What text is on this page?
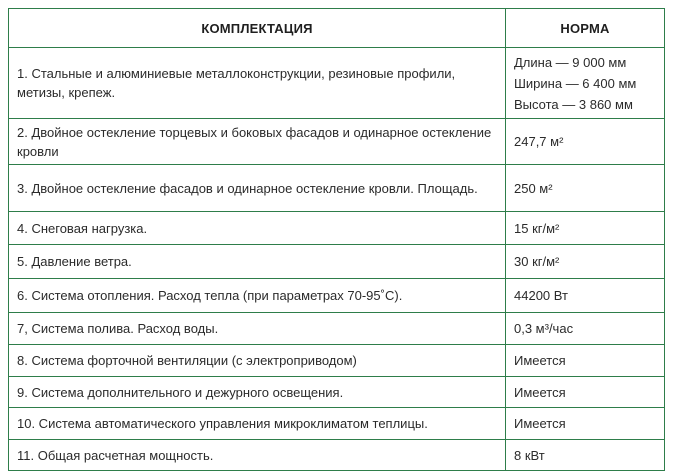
КОМПЛЕКТАЦИЯ	НОРМА
1. Стальные и алюминиевые металлоконструкции, резиновые профили, метизы, крепеж.	Длина — 9 000 мм
Ширина — 6 400 мм
Высота — 3 860 мм

2. Двойное остекление торцевых и боковых фасадов и одинарное остекление кровли	247,7 м²
3. Двойное остекление фасадов и одинарное остекление кровли. Площадь.	250 м²
4. Снеговая нагрузка.	15 кг/м²
5. Давление ветра.	30 кг/м²
6. Система отопления. Расход тепла (при параметрах 70-95˚С).	44200 Вт
7, Система полива. Расход воды.	0,3 м³/час
8. Система форточной вентиляции (с электроприводом)	Имеется
9. Система дополнительного и дежурного освещения.	Имеется
10. Система автоматического управления микроклиматом теплицы.	Имеется
11. Общая расчетная мощность.	8 кВт
